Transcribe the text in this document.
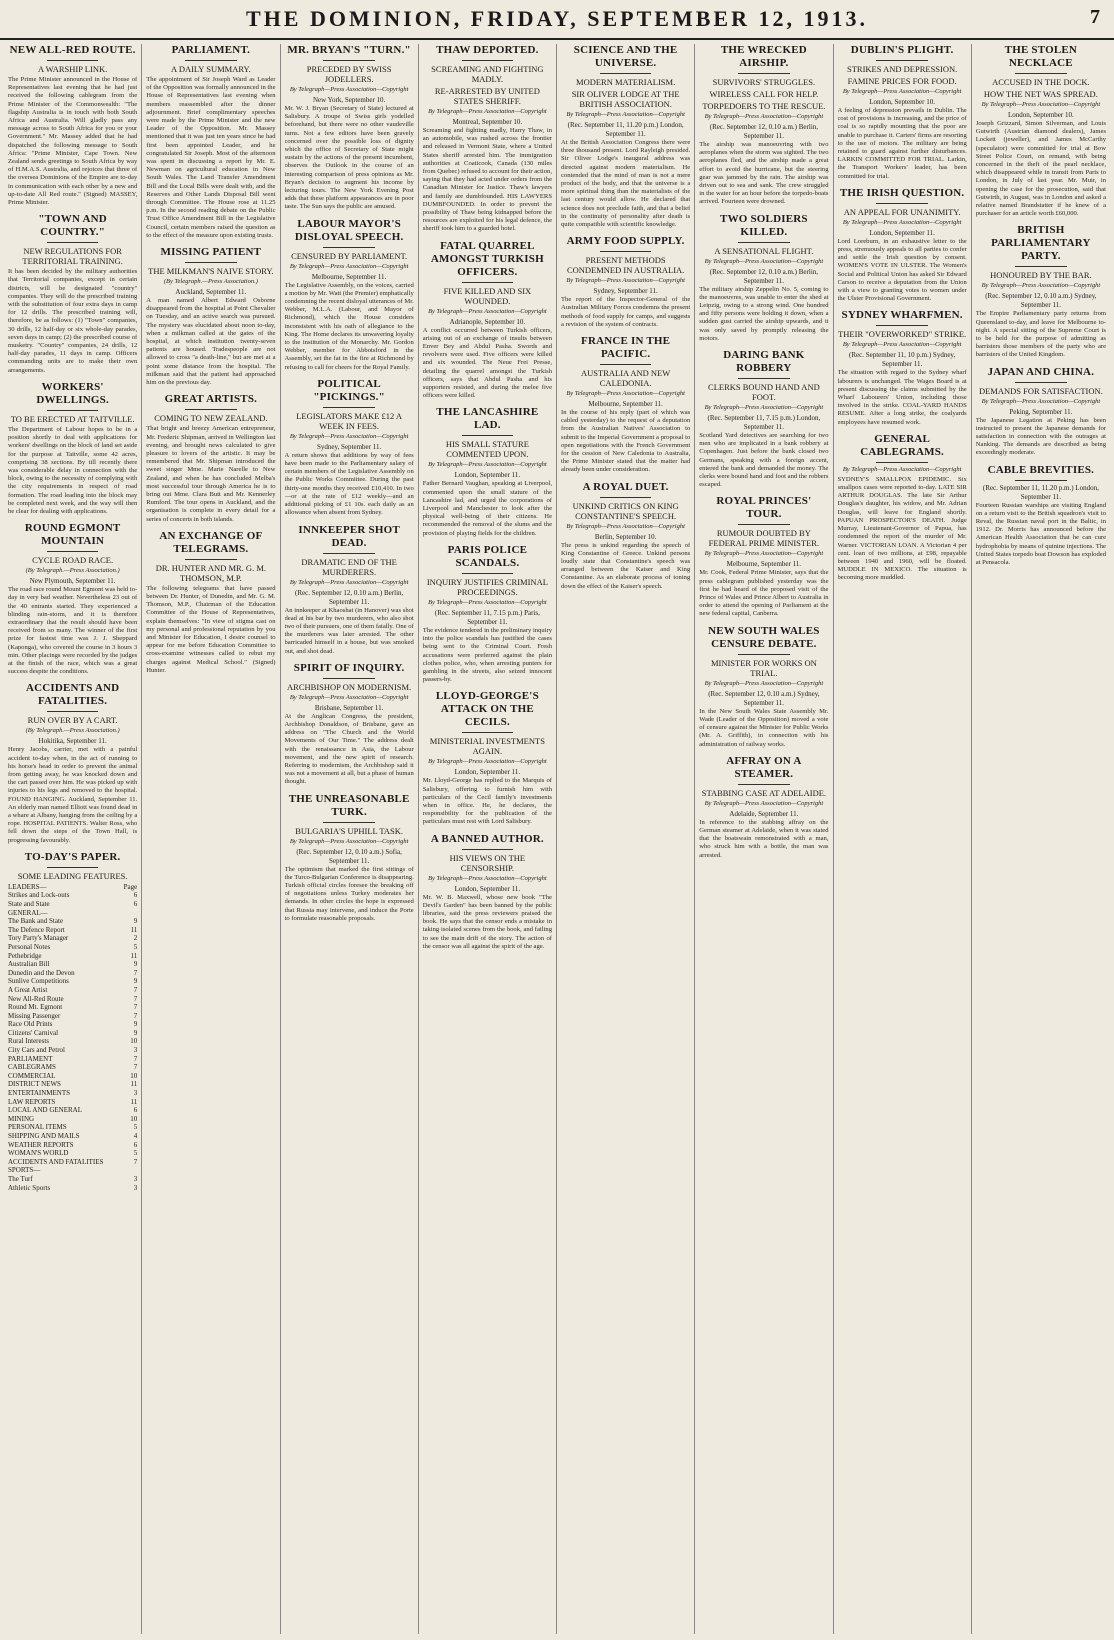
THE DOMINION, FRIDAY, SEPTEMBER 12, 1913.	7
NEW ALL-RED ROUTE.
A WARSHIP LINK.
The Prime Minister announced in the House of Representatives last evening that he had just received the following cablegram from the Prime Minister of the Commonwealth: "The flagship Australia is in touch with both South Africa and Australia. Will gladly pass any message across to South Africa for you or your Government." Mr. Massey added that he had dispatched the following message to South Africa: "Prime Minister, Cape Town. New Zealand sends greetings to South Africa by way of H.M.A.S. Australia, and rejoices that three of the oversea Dominions of the Empire are to-day in communication with each other by a new and up-to-date All Red route." (Signed) MASSEY, Prime Minister.
"TOWN AND COUNTRY."
NEW REGULATIONS FOR TERRITORIAL TRAINING.
It has been decided by the military authorities that Territorial companies, except in certain districts, will be designated "country" companies. They will do the prescribed training with the substitution of four extra days in camp for 12 drills. The prescribed training will, therefore, be as follows: (1) "Town" companies, 30 drills, 12 half-day or six whole-day parades, seven days in camp; (2) the prescribed course of musketry. "Country" companies, 24 drills, 12 half-day parades, 11 days in camp. Officers commanding units are to make their own arrangements.
WORKERS' DWELLINGS.
TO BE ERECTED AT TAITVILLE.
The Department of Labour hopes to be in a position shortly to deal with applications for workers' dwellings on the block of land set aside for the purpose at Taitville, some 42 acres, comprising 38 sections. By till recently there was considerable delay in connection with the block, owing to the necessity of complying with the city requirements in respect of road formation. The road leading into the block may be completed next week, and the way will then be clear for dealing with applications.
ROUND EGMONT MOUNTAIN
CYCLE ROAD RACE.
(By Telegraph.—Press Association.)
New Plymouth, September 11.
The road race round Mount Egmont was held to-day in very bad weather. Nevertheless 23 out of the 40 entrants started. They experienced a blinding rain-storm, and it is therefore extraordinary that the result should have been received from so many. The winner of the first prize for fastest time was J. J. Sheppard (Kaponga), who covered the course in 3 hours 3 min. Other placings were recorded by the judges at the finish of the race, which was a great success despite the conditions.
ACCIDENTS AND FATALITIES.
RUN OVER BY A CART.
(By Telegraph.—Press Association.)
Hokitika, September 11.
Henry Jacobs, carrier, met with a painful accident to-day when, in the act of running to his horse's head in order to prevent the animal from getting away, he was knocked down and the cart passed over him. He was picked up with injuries to his legs and removed to the hospital. FOUND HANGING. Auckland, September 11. An elderly man named Elliott was found dead in a whare at Albany, hanging from the ceiling by a rope. HOSPITAL PATIENTS. Walter Ross, who fell down the steps of the Town Hall, is progressing favourably.
TO-DAY'S PAPER.
SOME LEADING FEATURES.
LEADERS—	Page
Strikes and Lock-outs	6
State and State	6
GENERAL—
The Bank and State	9
The Defence Report	11
Tory Party's Manager	2
Personal Notes	5
Pethebridge	11
Australian Bill	9
Dunedin and the Devon	7
Sunlive Competitions	9
A Great Artist	7
New All-Red Route	7
Round Mt. Egmont	7
Missing Passenger	7
Race Old Prints	9
Citizens' Carnival	9
Rural Interests	10
City Cars and Petrol	3
PARLIAMENT	7
CABLEGRAMS	7
COMMERCIAL	10
DISTRICT NEWS	11
ENTERTAINMENTS	3
LAW REPORTS	11
LOCAL AND GENERAL	6
MINING	10
PERSONAL ITEMS	5
SHIPPING AND MAILS	4
WEATHER REPORTS	6
WOMAN'S WORLD	5
ACCIDENTS AND FATALITIES	7
SPORTS—
The Turf	3
Athletic Sports	3
PARLIAMENT.
A DAILY SUMMARY.
The appointment of Sir Joseph Ward as Leader of the Opposition was formally announced in the House of Representatives last evening when members reassembled after the dinner adjournment. Brief complimentary speeches were made by the Prime Minister and the new Leader of the Opposition. Mr. Massey mentioned that it was just ten years since he had first been appointed Leader, and he congratulated Sir Joseph. Most of the afternoon was spent in discussing a report by Mr. E. Newman on agricultural education in New South Wales. The Land Transfer Amendment Bill and the Local Bills were dealt with, and the Reserves and Other Lands Disposal Bill went through Committee. The House rose at 11.25 p.m. In the second reading debate on the Public Trust Office Amendment Bill in the Legislative Council, certain members raised the question as to the effect of the measure upon existing trusts.
MISSING PATIENT
THE MILKMAN'S NAIVE STORY.
(By Telegraph.—Press Association.)
Auckland, September 11.
A man named Albert Edward Osborne disappeared from the hospital at Point Chevalier on Tuesday, and an active search was pursued. The mystery was elucidated about noon to-day, when a milkman called at the gates of the hospital, at which institution twenty-seven patients are housed. Tradespeople are not allowed to cross "a death-line," but are met at a point some distance from the hospital. The milkman said that the patient had approached him on the previous day.
GREAT ARTISTS.
COMING TO NEW ZEALAND.
That bright and breezy American entrepreneur, Mr. Frederic Shipman, arrived in Wellington last evening, and brought news calculated to give pleasure to lovers of the artistic. It may be remembered that Mr. Shipman introduced the sweet singer Mme. Marie Narelle to New Zealand, and when he has concluded Melba's most successful tour through America he is to bring out Mme. Clara Butt and Mr. Kennerley Rumford. The tour opens in Auckland, and the organisation is complete in every detail for a series of concerts in both islands.
AN EXCHANGE OF TELEGRAMS.
DR. HUNTER AND MR. G. M. THOMSON, M.P.
The following telegrams that have passed between Dr. Hunter, of Dunedin, and Mr. G. M. Thomson, M.P., Chairman of the Education Committee of the House of Representatives, explain themselves: "In view of stigma cast on my personal and professional reputation by you and Minister for Education, I desire counsel to appear for me before Education Committee to cross-examine witnesses called to rebut my charges against Medical School." (Signed) Hunter.
MR. BRYAN'S "TURN."
PRECEDED BY SWISS JODELLERS.
By Telegraph—Press Association—Copyright
New York, September 10.
Mr. W. J. Bryan (Secretary of State) lectured at Salisbury. A troupe of Swiss girls yodelled beforehand, but there were no other vaudeville turns. Not a few editors have been gravely concerned over the possible loss of dignity which the office of Secretary of State might sustain by the actions of the present incumbent, observes the Outlook in the course of an interesting comparison of press opinions as Mr. Bryan's decision to augment his income by lecturing tours. The New York Evening Post adds that these platform appearances are in poor taste. The Sun says the public are amused.
LABOUR MAYOR'S DISLOYAL SPEECH.
CENSURED BY PARLIAMENT.
By Telegraph—Press Association—Copyright
Melbourne, September 11.
The Legislative Assembly, on the voices, carried a motion by Mr. Watt (the Premier) emphatically condemning the recent disloyal utterances of Mr. Webber, M.L.A. (Labour, and Mayor of Richmond), which the House considers inconsistent with his oath of allegiance to the King. The Home declares its unwavering loyalty to the institution of the Monarchy. Mr. Gordon Webber, member for Abbotsford in the Assembly, set the fat in the fire at Richmond by refusing to call for cheers for the Royal Family.
POLITICAL "PICKINGS."
LEGISLATORS MAKE £12 A WEEK IN FEES.
By Telegraph—Press Association—Copyright
Sydney, September 11.
A return shows that additions by way of fees have been made to the Parliamentary salary of certain members of the Legislative Assembly on the Public Works Committee. During the past thirty-one months they received £10,410. In two—or at the rate of £12 weekly—and an additional picking of £1 10s. each daily as an allowance when absent from Sydney.
INNKEEPER SHOT DEAD.
DRAMATIC END OF THE MURDERERS.
By Telegraph—Press Association—Copyright
(Rec. September 12, 0.10 a.m.) Berlin, September 11.
An innkeeper at Khaoshat (in Hanover) was shot dead at his bar by two murderers, who also shot two of their pursuers, one of them fatally. One of the murderers was later arrested. The other barricaded himself in a house, but was smoked out, and shot dead.
SPIRIT OF INQUIRY.
ARCHBISHOP ON MODERNISM.
By Telegraph—Press Association—Copyright
Brisbane, September 11.
At the Anglican Congress, the president, Archbishop Donaldson, of Brisbane, gave an address on "The Church and the World Movements of Our Time." The address dealt with the renaissance in Asia, the Labour movement, and the new spirit of research. Referring to modernism, the Archbishop said it was not a movement at all, but a phase of human thought.
THE UNREASONABLE TURK.
BULGARIA'S UPHILL TASK.
By Telegraph—Press Association—Copyright
(Rec. September 12, 0.10 a.m.) Sofia, September 11.
The optimism that marked the first sittings of the Turco-Bulgarian Conference is disappearing. Turkish official circles foresee the breaking off of negotiations unless Turkey moderates her demands. In other circles the hope is expressed that Russia may intervene, and induce the Porte to formulate reasonable proposals.
THAW DEPORTED.
SCREAMING AND FIGHTING MADLY.
RE-ARRESTED BY UNITED STATES SHERIFF.
By Telegraph—Press Association—Copyright
Montreal, September 10.
Screaming and fighting madly, Harry Thaw, in an automobile, was rushed across the frontier and released in Vermont State, where a United States sheriff arrested him. The immigration authorities at Coaticook, Canada (130 miles from Quebec) refused to account for their action, saying that they had acted under orders from the Canadian Minister for Justice. Thaw's lawyers and family are dumbfounded. HIS LAWYERS DUMBFOUNDED. In order to prevent the possibility of Thaw being kidnapped before the resources are exploited for his legal defence, the sheriff took him to a guarded hotel.
FATAL QUARREL AMONGST TURKISH OFFICERS.
FIVE KILLED AND SIX WOUNDED.
By Telegraph—Press Association—Copyright
Adrianople, September 10.
A conflict occurred between Turkish officers, arising out of an exchange of insults between Enver Bey and Abdul Pasha. Swords and revolvers were used. Five officers were killed and six wounded. The Neue Frei Presse, detailing the quarrel amongst the Turkish officers, says that Abdul Pasha and his supporters resisted, and during the melee five officers were killed.
THE LANCASHIRE LAD.
HIS SMALL STATURE COMMENTED UPON.
By Telegraph—Press Association—Copyright
London, September 11.
Father Bernard Vaughan, speaking at Liverpool, commented upon the small stature of the Lancashire lad, and urged the corporations of Liverpool and Manchester to look after the physical well-being of their citizens. He recommended the removal of the slums and the provision of playing fields for the children.
PARIS POLICE SCANDALS.
INQUIRY JUSTIFIES CRIMINAL PROCEEDINGS.
By Telegraph—Press Association—Copyright
(Rec. September 11, 7.15 p.m.) Paris, September 11.
The evidence tendered in the preliminary inquiry into the police scandals has justified the cases being sent to the Criminal Court. Fresh accusations were preferred against the plain clothes police, who, when arresting punters for gambling in the streets, also seized innocent passers-by.
LLOYD-GEORGE'S ATTACK ON THE CECILS.
MINISTERIAL INVESTMENTS AGAIN.
By Telegraph—Press Association—Copyright
London, September 11.
Mr. Lloyd-George has replied to the Marquis of Salisbury, offering to furnish him with particulars of the Cecil family's investments when in office. He, he declares, the responsibility for the publication of the particulars must rest with Lord Salisbury.
A BANNED AUTHOR.
HIS VIEWS ON THE CENSORSHIP.
By Telegraph—Press Association—Copyright
London, September 11.
Mr. W. B. Maxwell, whose new book "The Devil's Garden" has been banned by the public libraries, said the press reviewers praised the book. He says that the censor ends a mistake in taking isolated scenes from the book, and failing to see the main drift of the story. The action of the censor was all against the spirit of the age.
SCIENCE AND THE UNIVERSE.
MODERN MATERIALISM.
SIR OLIVER LODGE AT THE BRITISH ASSOCIATION.
By Telegraph—Press Association—Copyright
(Rec. September 11, 11.20 p.m.) London, September 11.
At the British Association Congress there were three thousand present. Lord Rayleigh presided. Sir Oliver Lodge's inaugural address was directed against modern materialism. He contended that the mind of man is not a mere product of the body, and that the universe is a more spiritual thing than the materialists of the last century would allow. He declared that science does not preclude faith, and that a belief in the continuity of personality after death is quite compatible with scientific knowledge.
ARMY FOOD SUPPLY.
PRESENT METHODS CONDEMNED IN AUSTRALIA.
By Telegraph—Press Association—Copyright
Sydney, September 11.
The report of the Inspector-General of the Australian Military Forces condemns the present methods of food supply for camps, and suggests a revision of the system of contracts.
FRANCE IN THE PACIFIC.
AUSTRALIA AND NEW CALEDONIA.
By Telegraph—Press Association—Copyright
Melbourne, September 11.
In the course of his reply (part of which was cabled yesterday) to the request of a deputation from the Australian Natives' Association to submit to the Imperial Government a proposal to open negotiations with the French Government for the cession of New Caledonia to Australia, the Prime Minister stated that the matter had already been under consideration.
A ROYAL DUET.
UNKIND CRITICS ON KING CONSTANTINE'S SPEECH.
By Telegraph—Press Association—Copyright
Berlin, September 10.
The press is unkind regarding the speech of King Constantine of Greece. Unkind persons loudly state that Constantine's speech was arranged between the Kaiser and King Constantine. As an elaborate process of toning down the effect of the Kaiser's speech.
THE WRECKED AIRSHIP.
SURVIVORS' STRUGGLES.
WIRELESS CALL FOR HELP.
TORPEDOERS TO THE RESCUE.
By Telegraph—Press Association—Copyright
(Rec. September 12, 0.10 a.m.) Berlin, September 11.
The airship was manoeuvring with two aeroplanes when the storm was sighted. The two aeroplanes fled, and the airship made a great effort to avoid the hurricane, but the steering gear was jammed by the rain. The airship was driven out to sea and sank. The crew struggled in the water for an hour before the torpedo-boats arrived. Fourteen were drowned.
TWO SOLDIERS KILLED.
A SENSATIONAL FLIGHT.
By Telegraph—Press Association—Copyright
(Rec. September 12, 0.10 a.m.) Berlin, September 11.
The military airship Zeppelin No. 5, coming to the manoeuvres, was unable to enter the shed at Leipzig, owing to a strong wind. One hundred and fifty persons were holding it down, when a sudden gust carried the airship upwards, and it was only saved by promptly releasing the motors.
DARING BANK ROBBERY
CLERKS BOUND HAND AND FOOT.
By Telegraph—Press Association—Copyright
(Rec. September 11, 7.15 p.m.) London, September 11.
Scotland Yard detectives are searching for two men who are implicated in a bank robbery at Copenhagen. Just before the bank closed two Germans, speaking with a foreign accent, entered the bank and demanded the money. The clerks were bound hand and foot and the robbers escaped.
ROYAL PRINCES' TOUR.
RUMOUR DOUBTED BY FEDERAL PRIME MINISTER.
By Telegraph—Press Association—Copyright
Melbourne, September 11.
Mr. Cook, Federal Prime Minister, says that the press cablegram published yesterday was the first he had heard of the proposed visit of the Prince of Wales and Prince Albert to Australia in order to attend the opening of Parliament at the new federal capital, Canberra.
NEW SOUTH WALES CENSURE DEBATE.
MINISTER FOR WORKS ON TRIAL.
By Telegraph—Press Association—Copyright
(Rec. September 12, 0.10 a.m.) Sydney, September 11.
In the New South Wales State Assembly Mr. Wade (Leader of the Opposition) moved a vote of censure against the Minister for Public Works (Mr. A. Griffith), in connection with his administration of railway works.
AFFRAY ON A STEAMER.
STABBING CASE AT ADELAIDE.
By Telegraph—Press Association—Copyright
Adelaide, September 11.
In reference to the stabbing affray on the German steamer at Adelaide, when it was stated that the boatswain remonstrated with a man, who struck him with a bottle, the man was arrested.
DUBLIN'S PLIGHT.
STRIKES AND DEPRESSION.
FAMINE PRICES FOR FOOD.
By Telegraph—Press Association—Copyright
London, September 10.
A feeling of depression prevails in Dublin. The cost of provisions is increasing, and the price of coal is so rapidly mounting that the poor are unable to purchase it. Carters' firms are resorting to the use of motors. The military are being retained to guard against further disturbances. LARKIN COMMITTED FOR TRIAL. Larkin, the Transport Workers' leader, has been committed for trial.
THE IRISH QUESTION.
AN APPEAL FOR UNANIMITY.
By Telegraph—Press Association—Copyright
London, September 11.
Lord Loreburn, in an exhaustive letter to the press, strenuously appeals to all parties to confer and settle the Irish question by consent. WOMEN'S VOTE IN ULSTER. The Women's Social and Political Union has asked Sir Edward Carson to receive a deputation from the Union with a view to granting votes to women under the Ulster Provisional Government.
SYDNEY WHARFMEN.
THEIR "OVERWORKED" STRIKE.
By Telegraph—Press Association—Copyright
(Rec. September 11, 10 p.m.) Sydney, September 11.
The situation with regard to the Sydney wharf labourers is unchanged. The Wages Board is at present discussing the claims submitted by the Wharf Labourers' Union, including those involved in the strike. COAL-YARD HANDS RESUME. After a long strike, the coalyards employees have resumed work.
GENERAL CABLEGRAMS.
By Telegraph—Press Association—Copyright
SYDNEY'S SMALLPOX EPIDEMIC. Six smallpox cases were reported to-day. LATE SIR ARTHUR DOUGLAS. The late Sir Arthur Douglas's daughter, his widow, and Mr. Adrian Douglas, will leave for England shortly. PAPUAN PROSPECTOR'S DEATH. Judge Murray, Lieutenant-Governor of Papua, has condemned the report of the murder of Mr. Warner. VICTORIAN LOAN. A Victorian 4 per cent. loan of two millions, at £98, repayable between 1940 and 1960, will be floated. MUDDLE IN MEXICO. The situation is becoming more muddled.
THE STOLEN NECKLACE
ACCUSED IN THE DOCK.
HOW THE NET WAS SPREAD.
By Telegraph—Press Association—Copyright
London, September 10.
Joseph Grizzard, Simon Silverman, and Louis Gutwirth (Austrian diamond dealers), James Lockett (jeweller), and James McCarthy (speculator) were committed for trial at Bow Street Police Court, on remand, with being concerned in the theft of the pearl necklace, which disappeared while in transit from Paris to London, in July of last year. Mr. Muir, in opening the case for the prosecution, said that Gutwirth, in August, was in London and asked a relative named Brandstatter if he knew of a purchaser for an article worth £60,000.
BRITISH PARLIAMENTARY PARTY.
HONOURED BY THE BAR.
By Telegraph—Press Association—Copyright
(Rec. September 12, 0.10 a.m.) Sydney, September 11.
The Empire Parliamentary party returns from Queensland to-day, and leave for Melbourne to-night. A special sitting of the Supreme Court is to be held for the purpose of admitting as barristers those members of the party who are barristers of the United Kingdom.
JAPAN AND CHINA.
DEMANDS FOR SATISFACTION.
By Telegraph—Press Association—Copyright
Peking, September 11.
The Japanese Legation at Peking has been instructed to present the Japanese demands for satisfaction in connection with the outrages at Nanking. The demands are described as being exceedingly moderate.
CABLE BREVITIES.
(Rec. September 11, 11.20 p.m.) London, September 11.
Fourteen Russian warships are visiting England on a return visit to the British squadron's visit to Reval, the Russian naval port in the Baltic, in 1912. Dr. Morris has announced before the American Health Association that he can cure hydrophobia by means of quinine injections. The United States torpedo boat Dowson has exploded at Pensacola.
